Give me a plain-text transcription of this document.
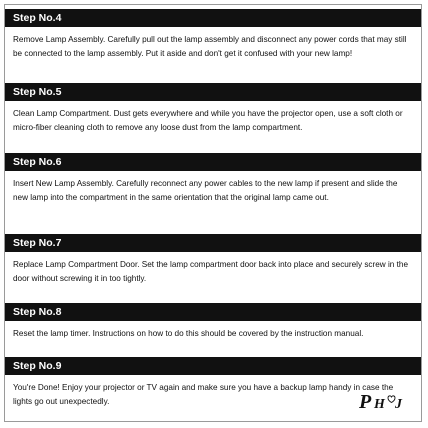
Step No.4

Remove Lamp Assembly. Carefully pull out the lamp assembly and disconnect any power cords that may still be connected to the lamp assembly. Put it aside and don't get it confused with your new lamp!

Step No.5

Clean Lamp Compartment. Dust gets everywhere and while you have the projector open, use a soft cloth or micro-fiber cleaning cloth to remove any loose dust from the lamp compartment.

Step No.6

Insert New Lamp Assembly. Carefully reconnect any power cables to the new lamp if present and slide the new lamp into the compartment in the same orientation that the original lamp came out.

Step No.7

Replace Lamp Compartment Door. Set the lamp compartment door back into place and securely screw in the door without screwing it in too tightly.

Step No.8

Reset the lamp timer. Instructions on how to do this should be covered by the instruction manual.

Step No.9

You're Done! Enjoy your projector or TV again and make sure you have a backup lamp handy in case the lights go out unexpectedly.	P H J
